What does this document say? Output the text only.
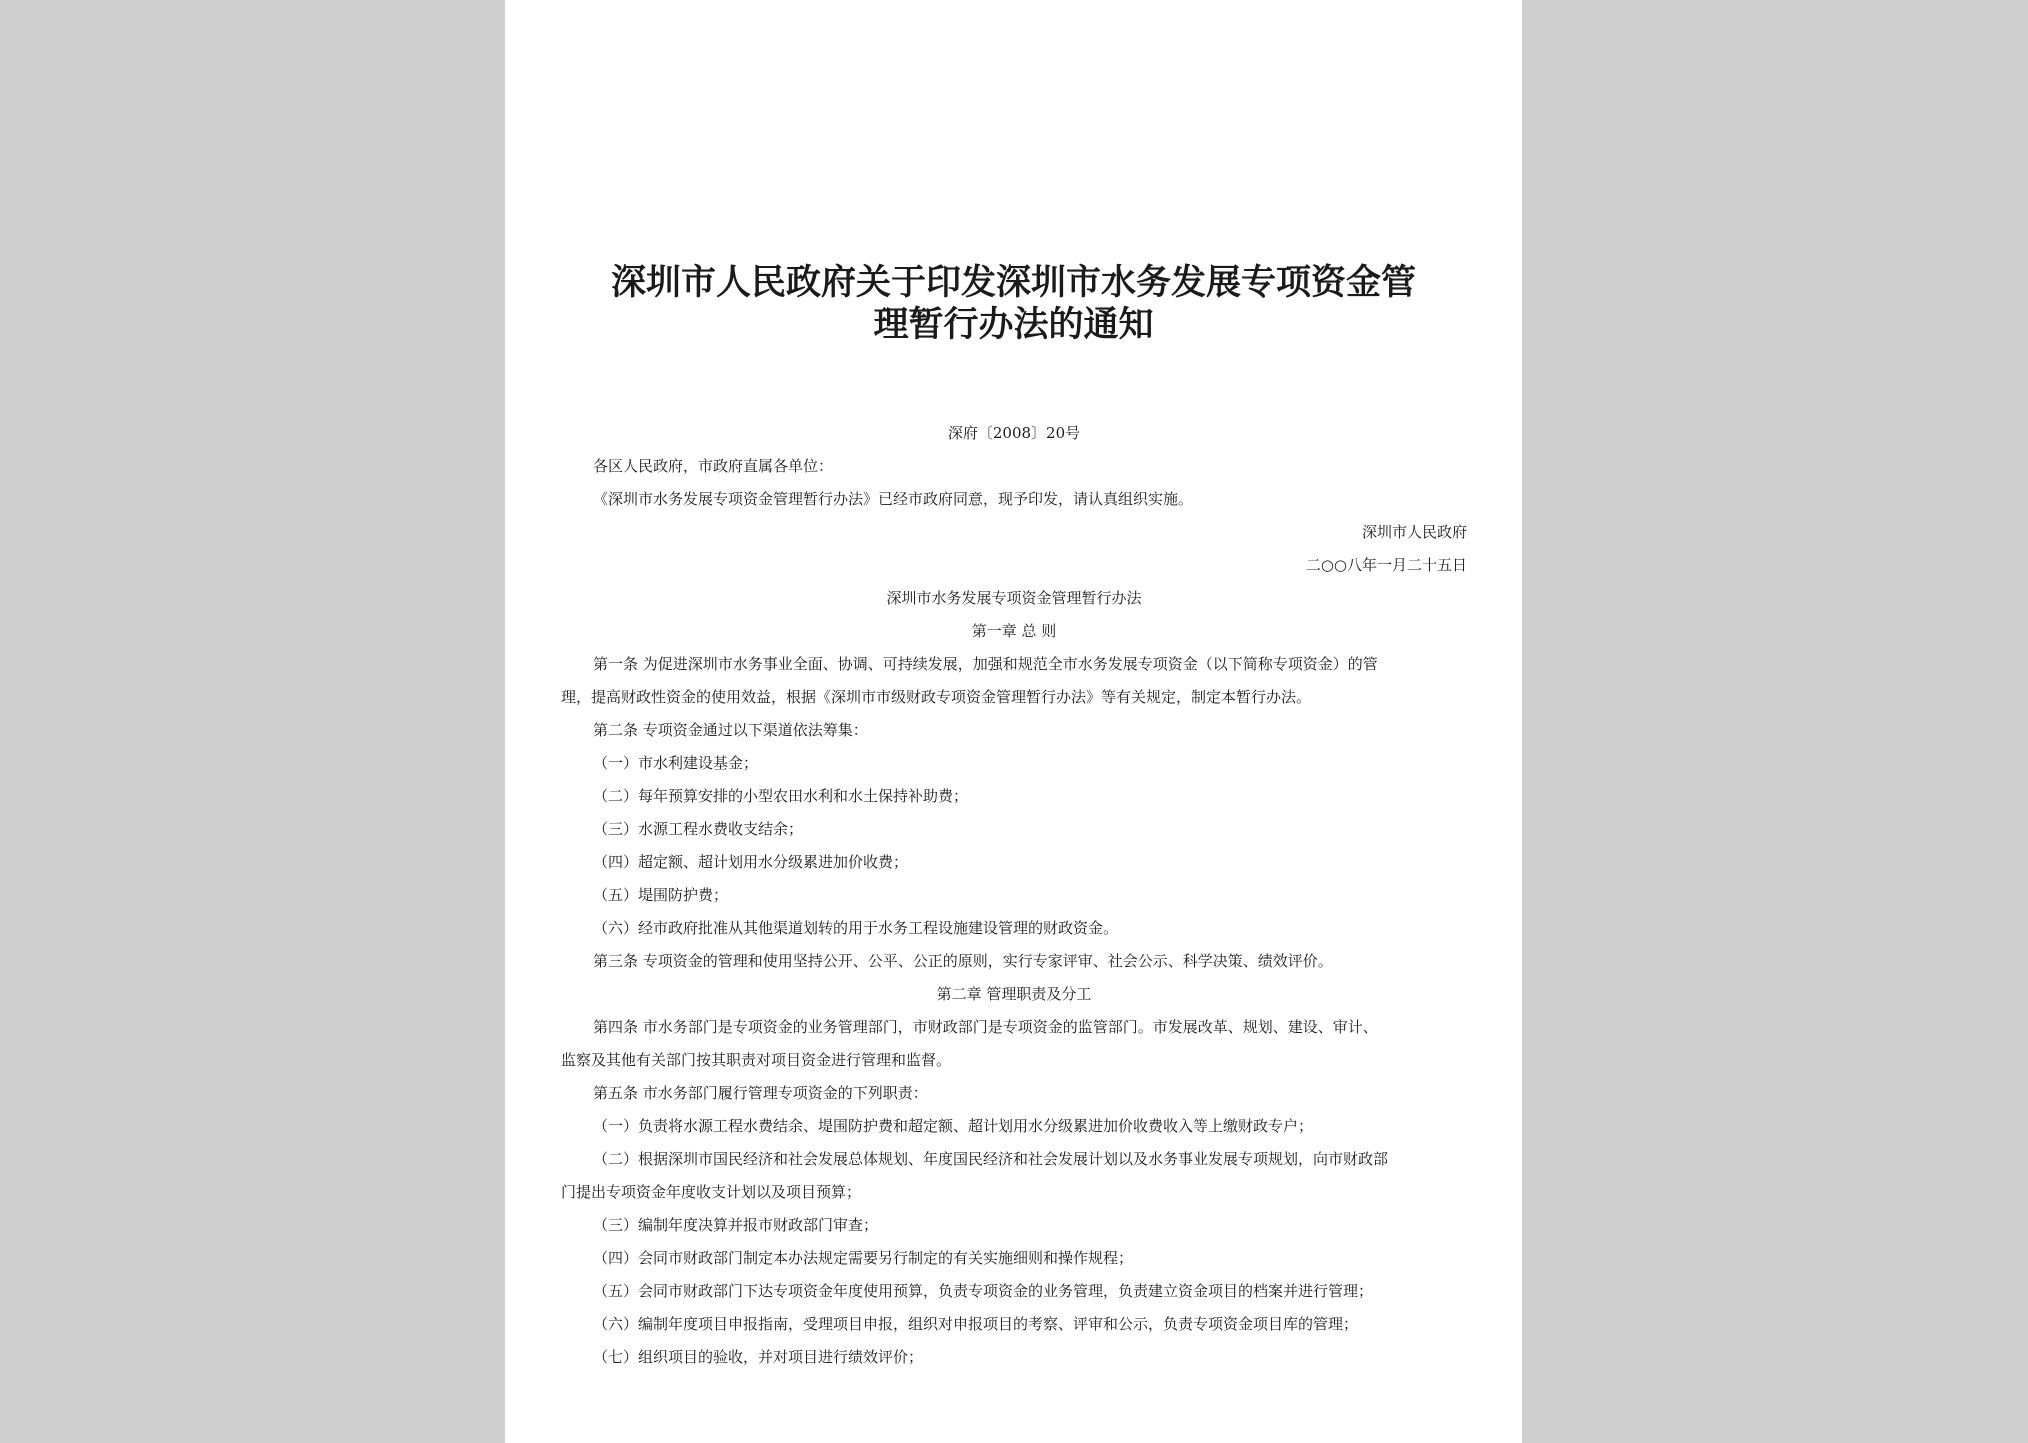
深圳市人民政府关于印发深圳市水务发展专项资金管
理暂行办法的通知
深府〔2008〕20号
各区人民政府，市政府直属各单位：
《深圳市水务发展专项资金管理暂行办法》已经市政府同意，现予印发，请认真组织实施。
深圳市人民政府
二○○八年一月二十五日
深圳市水务发展专项资金管理暂行办法
第一章 总 则
第一条 为促进深圳市水务事业全面、协调、可持续发展，加强和规范全市水务发展专项资金（以下简称专项资金）的管
理，提高财政性资金的使用效益，根据《深圳市市级财政专项资金管理暂行办法》等有关规定，制定本暂行办法。
第二条 专项资金通过以下渠道依法筹集：
（一）市水利建设基金；
（二）每年预算安排的小型农田水利和水土保持补助费；
（三）水源工程水费收支结余；
（四）超定额、超计划用水分级累进加价收费；
（五）堤围防护费；
（六）经市政府批准从其他渠道划转的用于水务工程设施建设管理的财政资金。
第三条 专项资金的管理和使用坚持公开、公平、公正的原则，实行专家评审、社会公示、科学决策、绩效评价。
第二章 管理职责及分工
第四条 市水务部门是专项资金的业务管理部门，市财政部门是专项资金的监管部门。市发展改革、规划、建设、审计、
监察及其他有关部门按其职责对项目资金进行管理和监督。
第五条 市水务部门履行管理专项资金的下列职责：
（一）负责将水源工程水费结余、堤围防护费和超定额、超计划用水分级累进加价收费收入等上缴财政专户；
（二）根据深圳市国民经济和社会发展总体规划、年度国民经济和社会发展计划以及水务事业发展专项规划，向市财政部
门提出专项资金年度收支计划以及项目预算；
（三）编制年度决算并报市财政部门审查；
（四）会同市财政部门制定本办法规定需要另行制定的有关实施细则和操作规程；
（五）会同市财政部门下达专项资金年度使用预算，负责专项资金的业务管理，负责建立资金项目的档案并进行管理；
（六）编制年度项目申报指南，受理项目申报，组织对申报项目的考察、评审和公示，负责专项资金项目库的管理；
（七）组织项目的验收，并对项目进行绩效评价；
